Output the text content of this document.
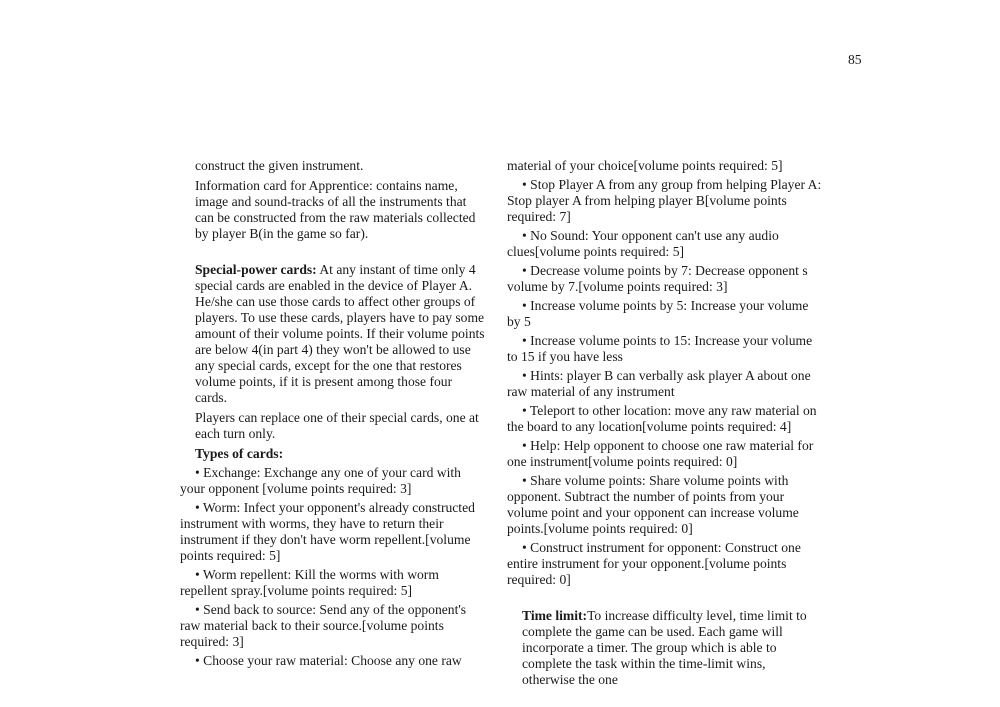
85

construct the given instrument.

Information card for Apprentice: contains name, image and sound-tracks of all the instruments that can be constructed from the raw materials collected by player B(in the game so far).

Special-power cards: At any instant of time only 4 special cards are enabled in the device of Player A. He/she can use those cards to affect other groups of players. To use these cards, players have to pay some amount of their volume points. If their volume points are below 4(in part 4) they won't be allowed to use any special cards, except for the one that restores volume points, if it is present among those four cards.

Players can replace one of their special cards, one at each turn only.

Types of cards:

• Exchange: Exchange any one of your card with your opponent [volume points required: 3]

• Worm: Infect your opponent's already constructed instrument with worms, they have to return their instrument if they don't have worm repellent.[volume points required: 5]

• Worm repellent: Kill the worms with worm repellent spray.[volume points required: 5]

• Send back to source: Send any of the opponent's raw material back to their source.[volume points required: 3]

• Choose your raw material: Choose any one raw

material of your choice[volume points required: 5]

• Stop Player A from any group from helping Player A: Stop player A from helping player B[volume points required: 7]

• No Sound: Your opponent can't use any audio clues[volume points required: 5]

• Decrease volume points by 7: Decrease opponent s volume by 7.[volume points required: 3]

• Increase volume points by 5: Increase your volume by 5

• Increase volume points to 15: Increase your volume to 15 if you have less

• Hints: player B can verbally ask player A about one raw material of any instrument

• Teleport to other location: move any raw material on the board to any location[volume points required: 4]

• Help: Help opponent to choose one raw material for one instrument[volume points required: 0]

• Share volume points: Share volume points with opponent. Subtract the number of points from your volume point and your opponent can increase volume points.[volume points required: 0]

• Construct instrument for opponent: Construct one entire instrument for your opponent.[volume points required: 0]

Time limit:To increase difficulty level, time limit to complete the game can be used. Each game will incorporate a timer. The group which is able to complete the task within the time-limit wins, otherwise the one
